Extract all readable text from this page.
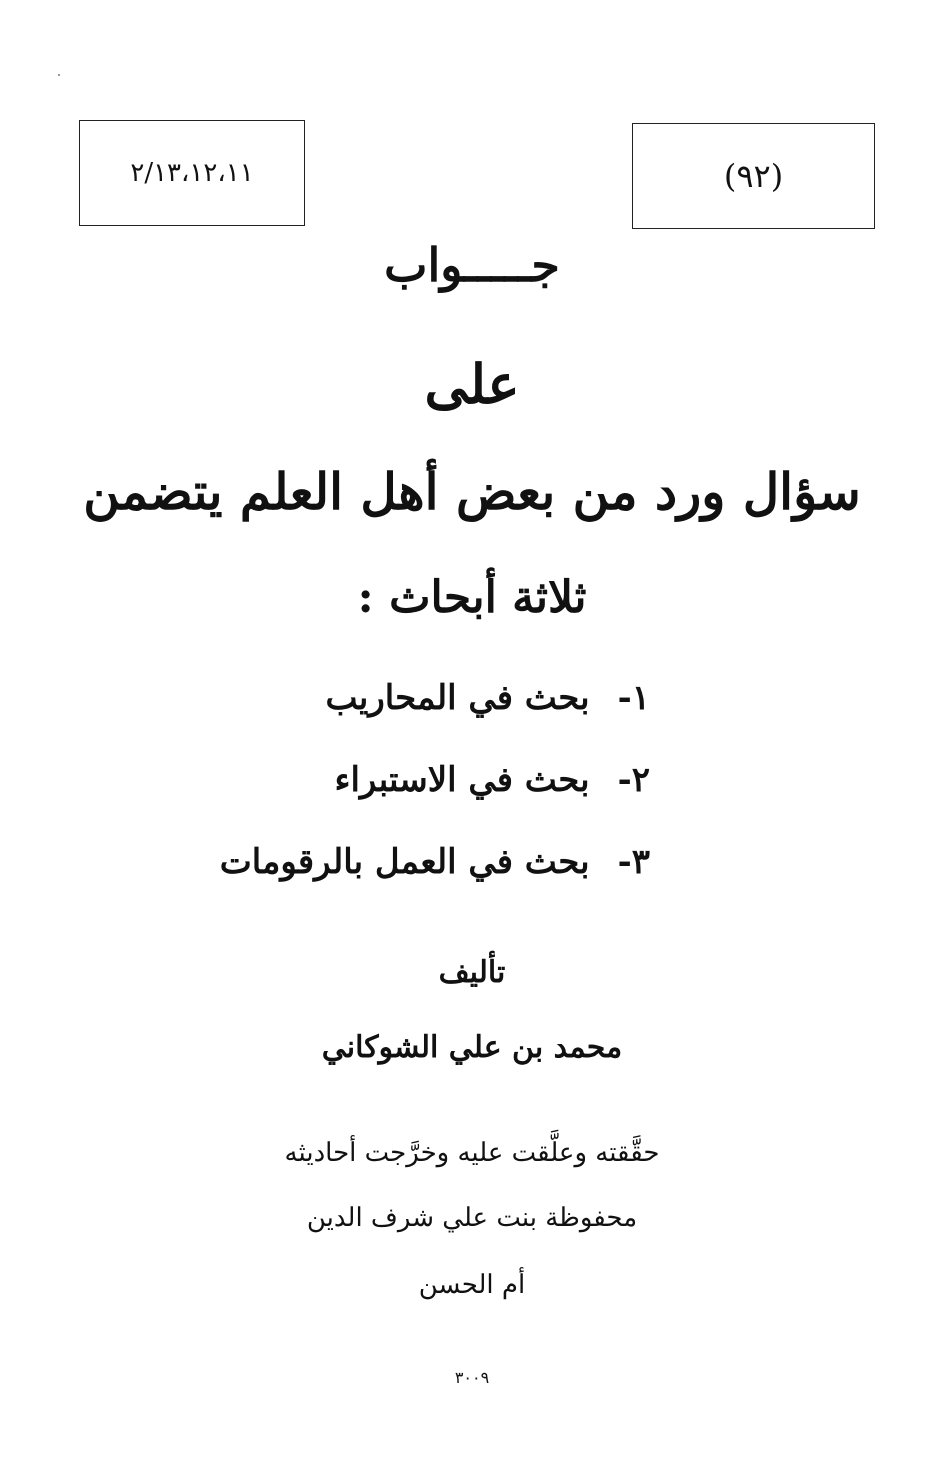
٢/١٣،١٢،١١	(٩٢)
جـــــواب
على
سؤال ورد من بعض أهل العلم يتضمن
ثلاثة أبحاث :
١-بحث في المحاريب
٢-بحث في الاستبراء
٣-بحث في العمل بالرقومات
تأليف
محمد بن علي الشوكاني
حقَّقته وعلَّقت عليه وخرَّجت أحاديثه
محفوظة بنت علي شرف الدين
أم الحسن
٣٠٠٩
